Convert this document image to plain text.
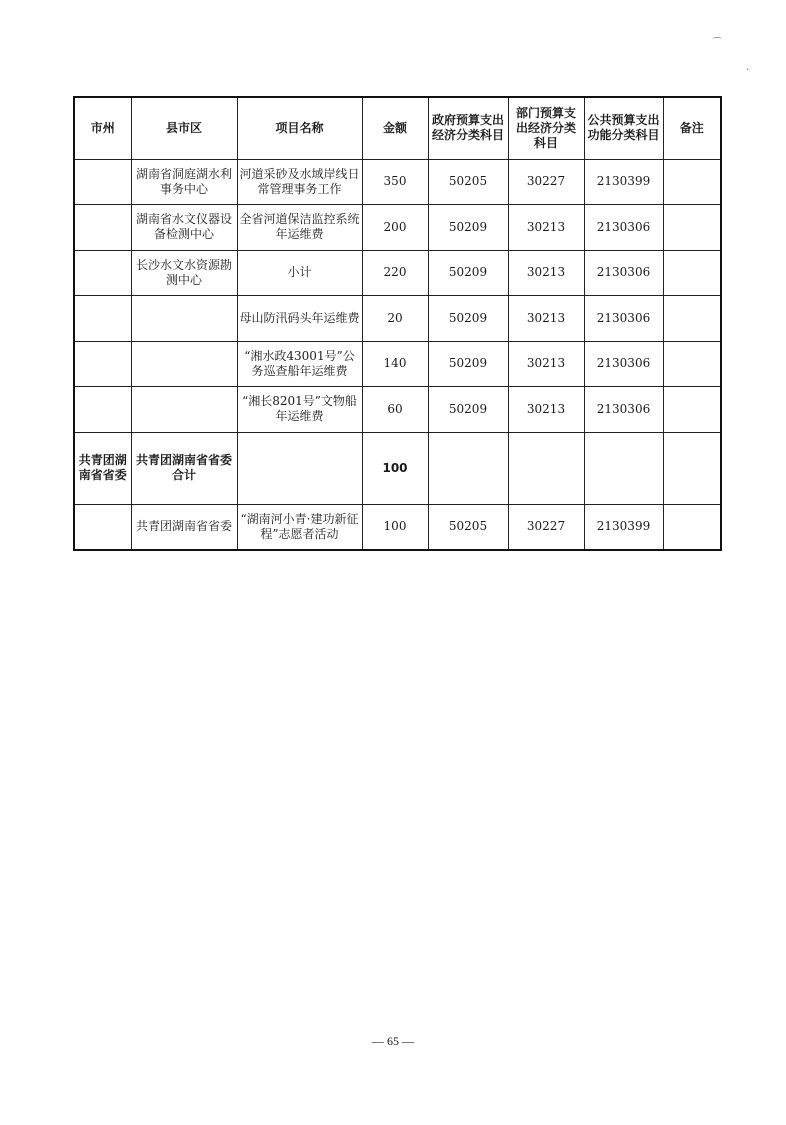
⌒
.
市州	县市区	项目名称	金额	政府预算支出经济分类科目	部门预算支出经济分类科目	公共预算支出功能分类科目	备注
	湖南省洞庭湖水利事务中心	河道采砂及水域岸线日常管理事务工作	350	50205	30227	2130399	
	湖南省水文仪器设备检测中心	全省河道保洁监控系统年运维费	200	50209	30213	2130306	
	长沙水文水资源勘测中心	小计	220	50209	30213	2130306	
		母山防汛码头年运维费	20	50209	30213	2130306	
		“湘水政43001号”公务巡查船年运维费	140	50209	30213	2130306	
		“湘长8201号”文物船年运维费	60	50209	30213	2130306	
共青团湖南省省委	共青团湖南省省委合计		100				
	共青团湖南省省委	“湖南河小青·建功新征程”志愿者活动	100	50205	30227	2130399	
— 65 —
